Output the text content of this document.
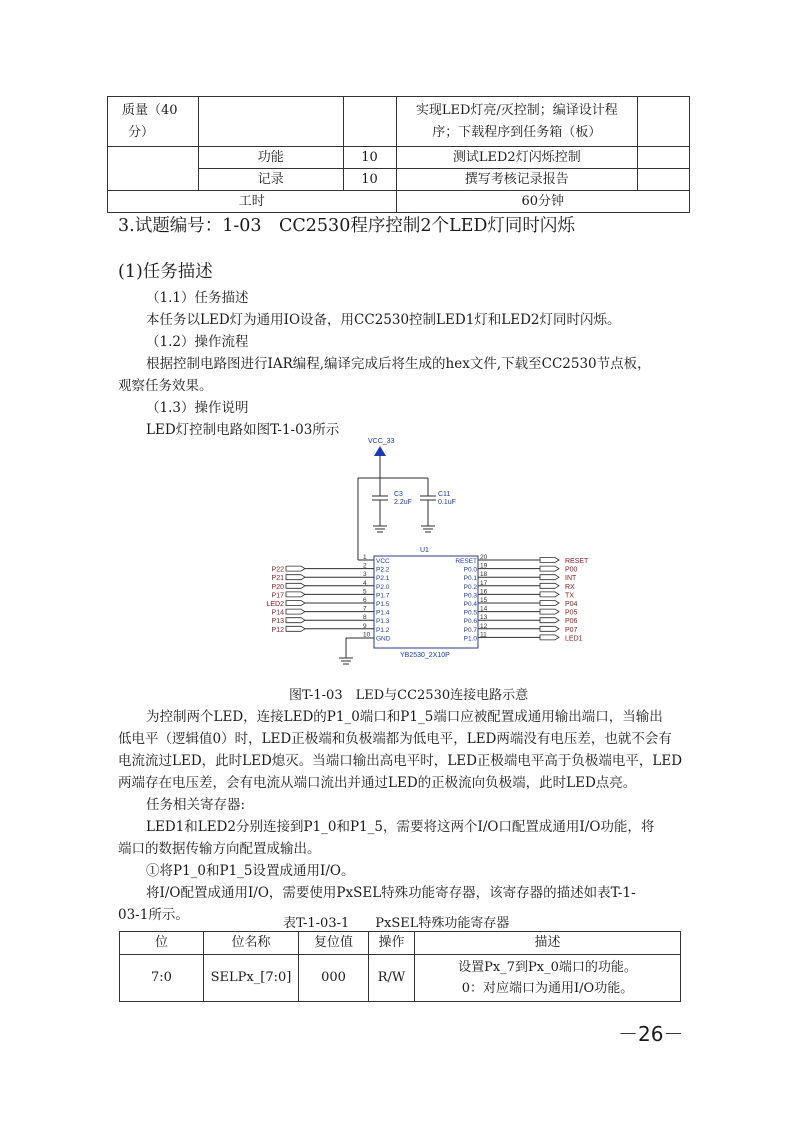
质量（40
分）			实现LED灯亮/灭控制；编译设计程
序；下载程序到任务箱（板）	
	功能	10	测试LED2灯闪烁控制	
	记录	10	撰写考核记录报告	
工时			60分钟	
3.试题编号：1-03　CC2530程序控制2个LED灯同时闪烁
(1)任务描述
（1.1）任务描述
本任务以LED灯为通用IO设备，用CC2530控制LED1灯和LED2灯同时闪烁。
（1.2）操作流程
根据控制电路图进行IAR编程,编译完成后将生成的hex文件,下载至CC2530节点板，
观察任务效果。
（1.3）操作说明
LED灯控制电路如图T-1-03所示
VCC_33
C3
2.2uF
C11
0.1uF
U1
YB2530_2X10P
VCC
1
RESET
20
RESET
P2.2
2
P0.0
19
P00
P22
P2.1
3
P0.1
18
INT
P21
P2.0
4
P0.2
17
RX
P20
P1.7
5
P0.3
16
TX
P17
P1.5
6
P0.4
15
P04
LED2
P1.4
7
P0.5
14
P05
P14
P1.3
8
P0.6
13
P06
P13
P1.2
9
P0.7
12
P07
P12
GND
10
P1.0
11
LED1
图T-1-03　LED与CC2530连接电路示意
为控制两个LED，连接LED的P1_0端口和P1_5端口应被配置成通用输出端口，当输出
低电平（逻辑值0）时，LED正极端和负极端都为低电平，LED两端没有电压差，也就不会有
电流流过LED，此时LED熄灭。当端口输出高电平时，LED正极端电平高于负极端电平，LED
两端存在电压差，会有电流从端口流出并通过LED的正极流向负极端，此时LED点亮。
任务相关寄存器:
LED1和LED2分别连接到P1_0和P1_5，需要将这两个I/O口配置成通用I/O功能，将
端口的数据传输方向配置成输出。
①将P1_0和P1_5设置成通用I/O。
将I/O配置成通用I/O，需要使用PxSEL特殊功能寄存器，该寄存器的描述如表T-1-
03-1所示。
表T-1-03-1　　PxSEL特殊功能寄存器
位	位名称	复位值	操作	描述
7:0	SELPx_[7:0]	000	R/W	设置Px_7到Px_0端口的功能。
0：对应端口为通用I/O功能。
－26－
